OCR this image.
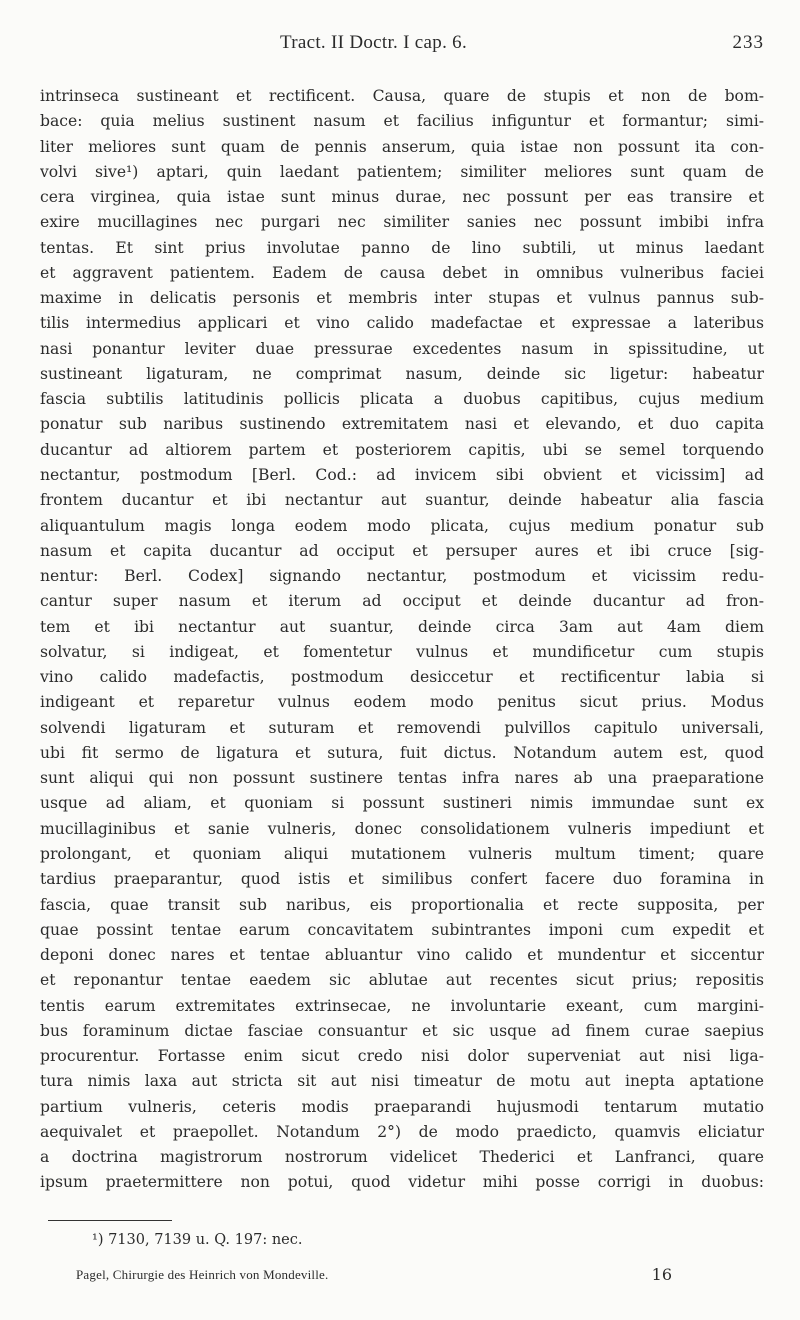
Tract. II Doctr. I cap. 6.	233
intrinseca sustineant et rectificent. Causa, quare de stupis et non de bom-
bace: quia melius sustinent nasum et facilius infiguntur et formantur; simi-
liter meliores sunt quam de pennis anserum, quia istae non possunt ita con-
volvi sive¹) aptari, quin laedant patientem; similiter meliores sunt quam de
cera virginea, quia istae sunt minus durae, nec possunt per eas transire et
exire mucillagines nec purgari nec similiter sanies nec possunt imbibi infra
tentas. Et sint prius involutae panno de lino subtili, ut minus laedant
et aggravent patientem. Eadem de causa debet in omnibus vulneribus faciei
maxime in delicatis personis et membris inter stupas et vulnus pannus sub-
tilis intermedius applicari et vino calido madefactae et expressae a lateribus
nasi ponantur leviter duae pressurae excedentes nasum in spissitudine, ut
sustineant ligaturam, ne comprimat nasum, deinde sic ligetur: habeatur
fascia subtilis latitudinis pollicis plicata a duobus capitibus, cujus medium
ponatur sub naribus sustinendo extremitatem nasi et elevando, et duo capita
ducantur ad altiorem partem et posteriorem capitis, ubi se semel torquendo
nectantur, postmodum [Berl. Cod.: ad invicem sibi obvient et vicissim] ad
frontem ducantur et ibi nectantur aut suantur, deinde habeatur alia fascia
aliquantulum magis longa eodem modo plicata, cujus medium ponatur sub
nasum et capita ducantur ad occiput et persuper aures et ibi cruce [sig-
nentur: Berl. Codex] signando nectantur, postmodum et vicissim redu-
cantur super nasum et iterum ad occiput et deinde ducantur ad fron-
tem et ibi nectantur aut suantur, deinde circa 3am aut 4am diem
solvatur, si indigeat, et fomentetur vulnus et mundificetur cum stupis
vino calido madefactis, postmodum desiccetur et rectificentur labia si
indigeant et reparetur vulnus eodem modo penitus sicut prius. Modus
solvendi ligaturam et suturam et removendi pulvillos capitulo universali,
ubi fit sermo de ligatura et sutura, fuit dictus. Notandum autem est, quod
sunt aliqui qui non possunt sustinere tentas infra nares ab una praeparatione
usque ad aliam, et quoniam si possunt sustineri nimis immundae sunt ex
mucillaginibus et sanie vulneris, donec consolidationem vulneris impediunt et
prolongant, et quoniam aliqui mutationem vulneris multum timent; quare
tardius praeparantur, quod istis et similibus confert facere duo foramina in
fascia, quae transit sub naribus, eis proportionalia et recte supposita, per
quae possint tentae earum concavitatem subintrantes imponi cum expedit et
deponi donec nares et tentae abluantur vino calido et mundentur et siccentur
et reponantur tentae eaedem sic ablutae aut recentes sicut prius; repositis
tentis earum extremitates extrinsecae, ne involuntarie exeant, cum margini-
bus foraminum dictae fasciae consuantur et sic usque ad finem curae saepius
procurentur. Fortasse enim sicut credo nisi dolor superveniat aut nisi liga-
tura nimis laxa aut stricta sit aut nisi timeatur de motu aut inepta aptatione
partium vulneris, ceteris modis praeparandi hujusmodi tentarum mutatio
aequivalet et praepollet. Notandum 2°) de modo praedicto, quamvis eliciatur
a doctrina magistrorum nostrorum videlicet Thederici et Lanfranci, quare
ipsum praetermittere non potui, quod videtur mihi posse corrigi in duobus:
¹) 7130, 7139 u. Q. 197: nec.
Pagel, Chirurgie des Heinrich von Mondeville.	16
